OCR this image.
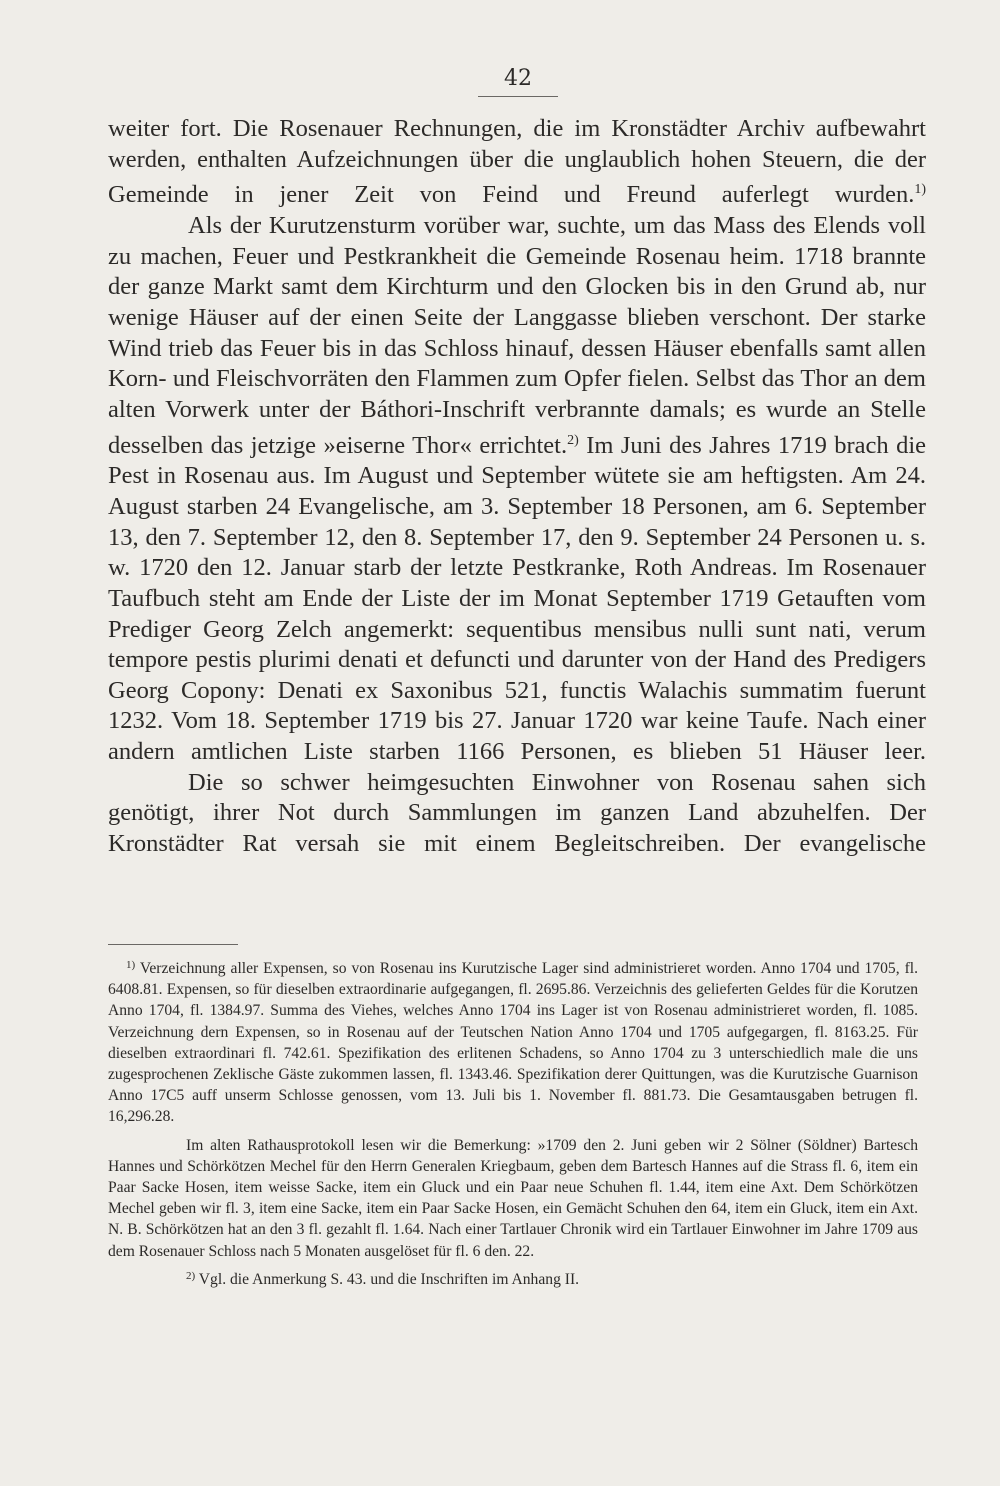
42

weiter fort. Die Rosenauer Rechnungen, die im Kronstädter Archiv aufbewahrt werden, enthalten Aufzeichnungen über die unglaublich hohen Steuern, die der Gemeinde in jener Zeit von Feind und Freund auferlegt wurden.$^{1)}$

Als der Kurutzensturm vorüber war, suchte, um das Mass des Elends voll zu machen, Feuer und Pestkrankheit die Gemeinde Rosenau heim. 1718 brannte der ganze Markt samt dem Kirchturm und den Glocken bis in den Grund ab, nur wenige Häuser auf der einen Seite der Langgasse blieben verschont. Der starke Wind trieb das Feuer bis in das Schloss hinauf, dessen Häuser ebenfalls samt allen Korn- und Fleischvorräten den Flammen zum Opfer fielen. Selbst das Thor an dem alten Vorwerk unter der Báthori-Inschrift verbrannte damals; es wurde an Stelle desselben das jetzige »eiserne Thor« errichtet.$^{2)}$ Im Juni des Jahres 1719 brach die Pest in Rosenau aus. Im August und September wütete sie am heftigsten. Am 24. August starben 24 Evangelische, am 3. September 18 Personen, am 6. September 13, den 7. September 12, den 8. September 17, den 9. September 24 Personen u. s. w. 1720 den 12. Januar starb der letzte Pestkranke, Roth Andreas. Im Rosenauer Taufbuch steht am Ende der Liste der im Monat September 1719 Getauften vom Prediger Georg Zelch angemerkt: sequentibus mensibus nulli sunt nati, verum tempore pestis plurimi denati et defuncti und darunter von der Hand des Predigers Georg Copony: Denati ex Saxonibus 521, functis Walachis summatim fuerunt 1232. Vom 18. September 1719 bis 27. Januar 1720 war keine Taufe. Nach einer andern amtlichen Liste starben 1166 Personen, es blieben 51 Häuser leer.

Die so schwer heimgesuchten Einwohner von Rosenau sahen sich genötigt, ihrer Not durch Sammlungen im ganzen Land abzuhelfen. Der Kronstädter Rat versah sie mit einem Begleitschreiben. Der evangelische

$^{1)}$ Verzeichnung aller Expensen, so von Rosenau ins Kurutzische Lager sind administrieret worden. Anno 1704 und 1705, fl. 6408.81. Expensen, so für dieselben extraordinarie aufgegangen, fl. 2695.86. Verzeichnis des gelieferten Geldes für die Korutzen Anno 1704, fl. 1384.97. Summa des Viehes, welches Anno 1704 ins Lager ist von Rosenau administrieret worden, fl. 1085. Verzeichnung dern Expensen, so in Rosenau auf der Teutschen Nation Anno 1704 und 1705 aufgegargen, fl. 8163.25. Für dieselben extraordinari fl. 742.61. Spezifikation des erlitenen Schadens, so Anno 1704 zu 3 unterschiedlich male die uns zugesprochenen Zeklische Gäste zukommen lassen, fl. 1343.46. Spezifikation derer Quittungen, was die Kurutzische Guarnison Anno 17C5 auff unserm Schlosse genossen, vom 13. Juli bis 1. November fl. 881.73. Die Gesamtausgaben betrugen fl. 16,296.28.

Im alten Rathausprotokoll lesen wir die Bemerkung: »1709 den 2. Juni geben wir 2 Sölner (Söldner) Bartesch Hannes und Schörkötzen Mechel für den Herrn Generalen Kriegbaum, geben dem Bartesch Hannes auf die Strass fl. 6, item ein Paar Sacke Hosen, item weisse Sacke, item ein Gluck und ein Paar neue Schuhen fl. 1.44, item eine Axt. Dem Schörkötzen Mechel geben wir fl. 3, item eine Sacke, item ein Paar Sacke Hosen, ein Gemächt Schuhen den 64, item ein Gluck, item ein Axt. N. B. Schörkötzen hat an den 3 fl. gezahlt fl. 1.64. Nach einer Tartlauer Chronik wird ein Tartlauer Einwohner im Jahre 1709 aus dem Rosenauer Schloss nach 5 Monaten ausgelöset für fl. 6 den. 22.

$^{2)}$ Vgl. die Anmerkung S. 43. und die Inschriften im Anhang II.
